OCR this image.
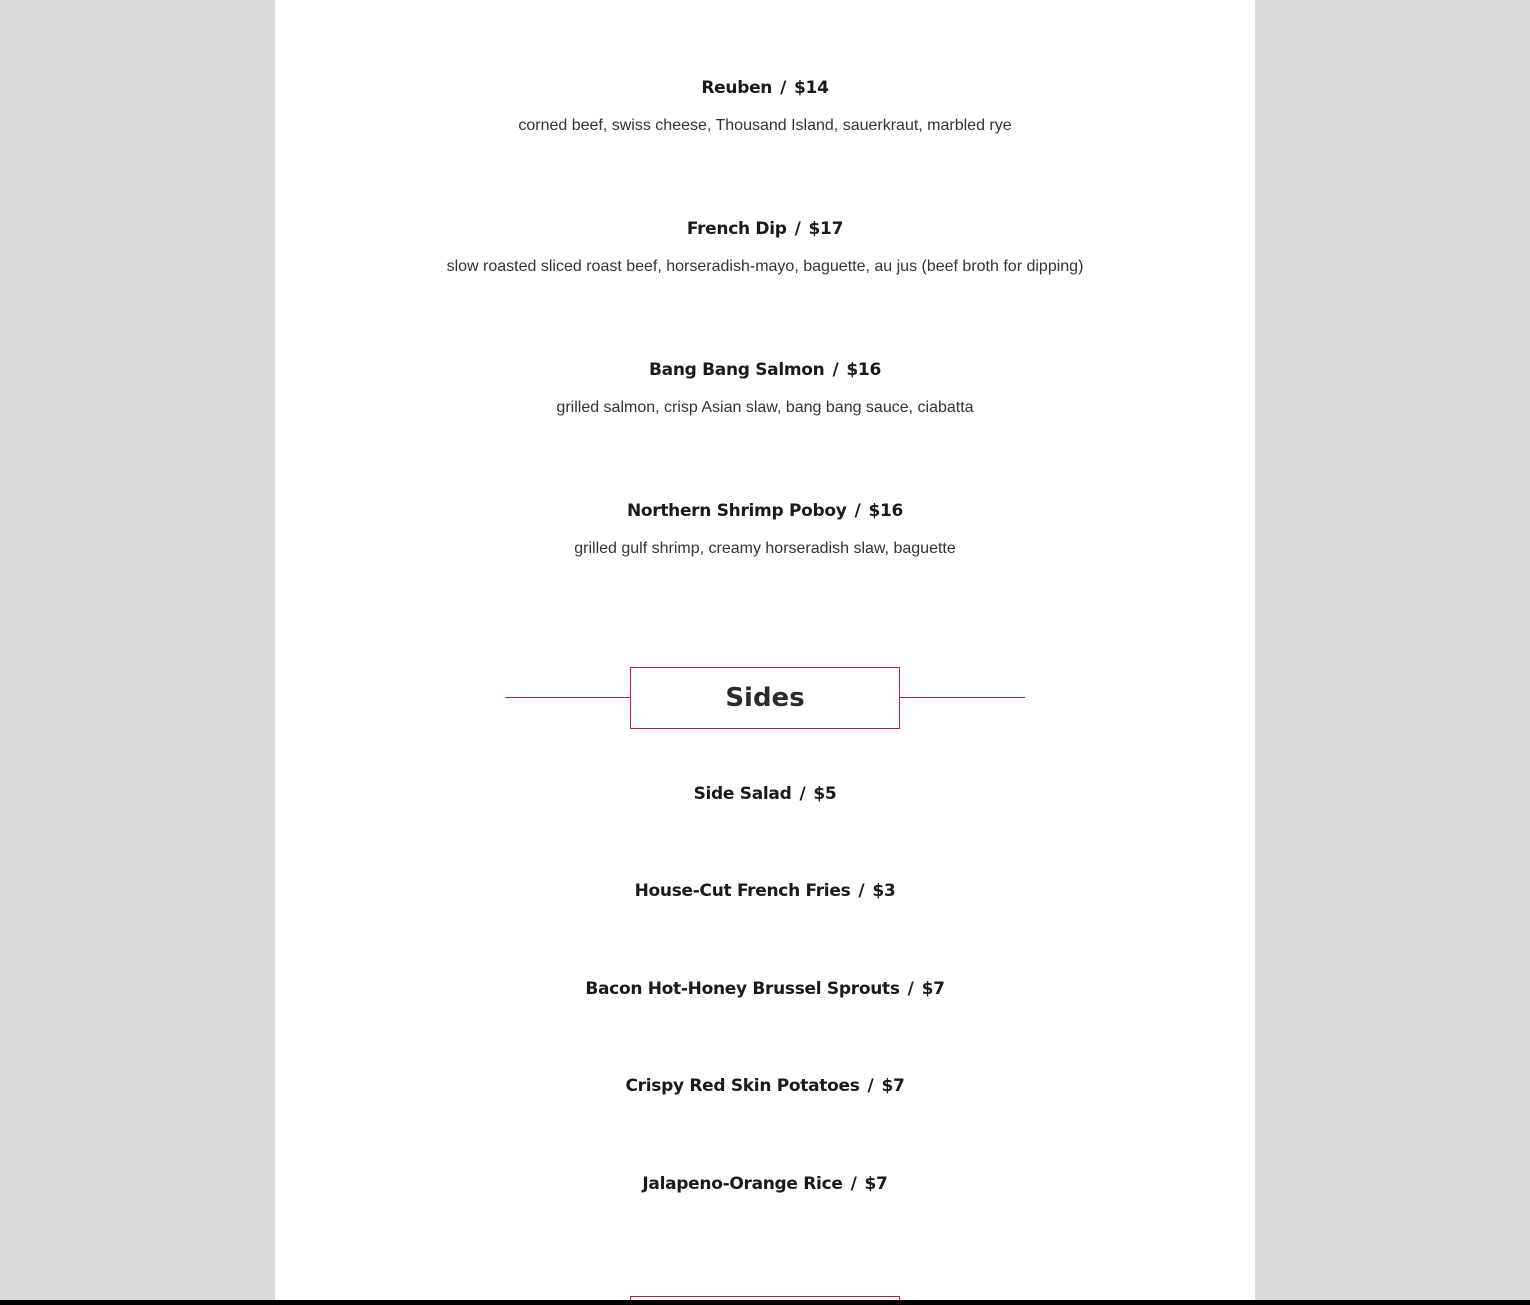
Reuben / $14
corned beef, swiss cheese, Thousand Island, sauerkraut, marbled rye
French Dip / $17
slow roasted sliced roast beef, horseradish-mayo, baguette, au jus (beef broth for dipping)
Bang Bang Salmon / $16
grilled salmon, crisp Asian slaw, bang bang sauce, ciabatta
Northern Shrimp Poboy / $16
grilled gulf shrimp, creamy horseradish slaw, baguette
Sides
Side Salad / $5
House-Cut French Fries / $3
Bacon Hot-Honey Brussel Sprouts / $7
Crispy Red Skin Potatoes / $7
Jalapeno-Orange Rice / $7
